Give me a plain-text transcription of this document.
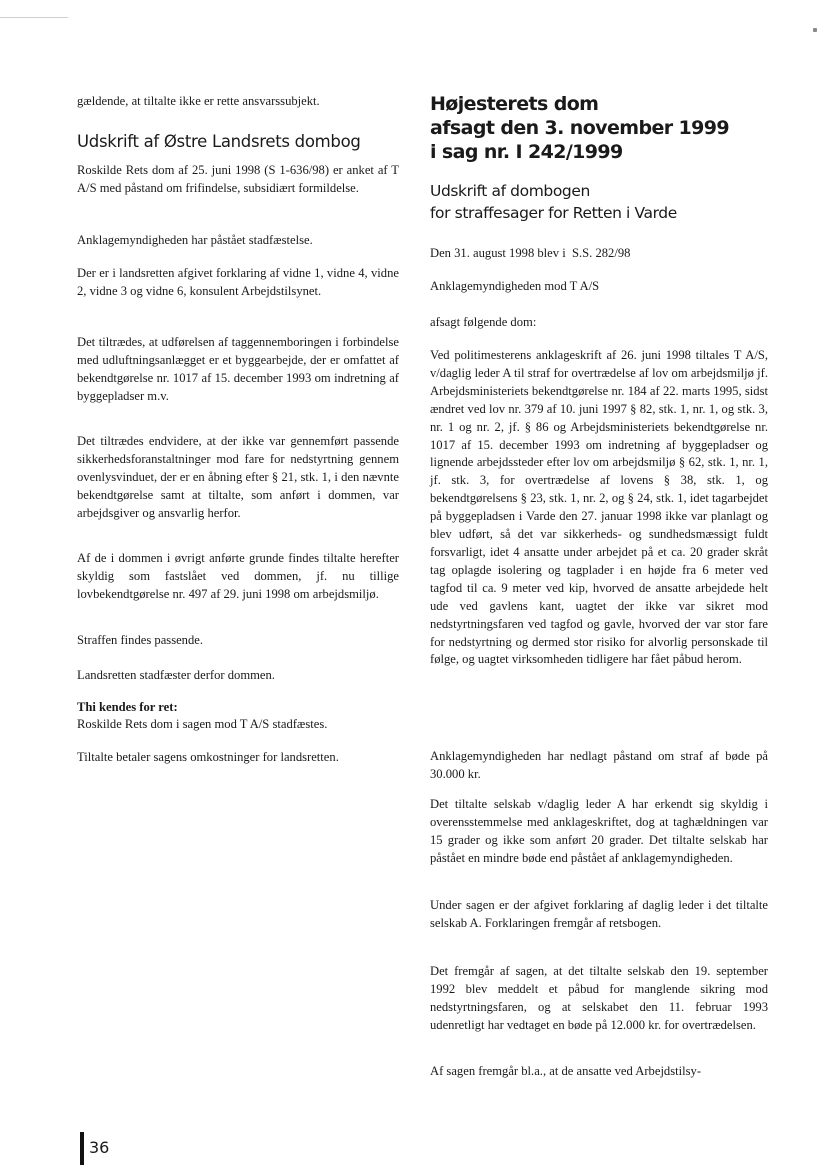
gældende, at tiltalte ikke er rette ansvarssubjekt.

Udskrift af Østre Landsrets dombog

Roskilde Rets dom af 25. juni 1998 (S 1-636/98) er anket af T A/S med påstand om frifindelse, subsidiært formildelse.

Anklagemyndigheden har påstået stadfæstelse.

Der er i landsretten afgivet forklaring af vidne 1, vidne 4, vidne 2, vidne 3 og vidne 6, konsulent Arbejdstilsynet.

Det tiltrædes, at udførelsen af taggennemboringen i forbindelse med udluftningsanlægget er et byggearbejde, der er omfattet af bekendtgørelse nr. 1017 af 15. december 1993 om indretning af byggepladser m.v.

Det tiltrædes endvidere, at der ikke var gennemført passende sikkerhedsforanstaltninger mod fare for nedstyrtning gennem ovenlysvinduet, der er en åbning efter § 21, stk. 1, i den nævnte bekendtgørelse samt at tiltalte, som anført i dommen, var arbejdsgiver og ansvarlig herfor.

Af de i dommen i øvrigt anførte grunde findes tiltalte herefter skyldig som fastslået ved dommen, jf. nu tillige lovbekendtgørelse nr. 497 af 29. juni 1998 om arbejdsmiljø.

Straffen findes passende.

Landsretten stadfæster derfor dommen.

Thi kendes for ret:

Roskilde Rets dom i sagen mod T A/S stadfæstes.

Tiltalte betaler sagens omkostninger for landsretten.

Højesterets dom
afsagt den 3. november 1999
i sag nr. I 242/1999
Udskrift af dombogen
for straffesager for Retten i Varde

Den 31. august 1998 blev i  S.S. 282/98

Anklagemyndigheden mod T A/S

afsagt følgende dom:

Ved politimesterens anklageskrift af 26. juni 1998 tiltales T A/S, v/daglig leder A til straf for overtrædelse af lov om arbejdsmiljø jf. Arbejdsministeriets bekendtgørelse nr. 184 af 22. marts 1995, sidst ændret ved lov nr. 379 af 10. juni 1997 § 82, stk. 1, nr. 1, og stk. 3, nr. 1 og nr. 2, jf. § 86 og Arbejdsministeriets bekendtgørelse nr. 1017 af 15. december 1993 om indretning af byggepladser og lignende arbejdssteder efter lov om arbejdsmiljø § 62, stk. 1, nr. 1, jf. stk. 3, for overtrædelse af lovens § 38, stk. 1, og bekendtgørelsens § 23, stk. 1, nr. 2, og § 24, stk. 1, idet tagarbejdet på byggepladsen i Varde den 27. januar 1998 ikke var planlagt og blev udført, så det var sikkerheds- og sundhedsmæssigt fuldt forsvarligt, idet 4 ansatte under arbejdet på et ca. 20 grader skråt tag oplagde isolering og tagplader i en højde fra 6 meter ved tagfod til ca. 9 meter ved kip, hvorved de ansatte arbejdede helt ude ved gavlens kant, uagtet der ikke var sikret mod nedstyrtningsfaren ved tagfod og gavle, hvorved der var stor fare for nedstyrtning og dermed stor risiko for alvorlig personskade til følge, og uagtet virksomheden tidligere har fået påbud herom.

Anklagemyndigheden har nedlagt påstand om straf af bøde på 30.000 kr.

Det tiltalte selskab v/daglig leder A har erkendt sig skyldig i overensstemmelse med anklageskriftet, dog at taghældningen var 15 grader og ikke som anført 20 grader. Det tiltalte selskab har påstået en mindre bøde end påstået af anklagemyndigheden.

Under sagen er der afgivet forklaring af daglig leder i det tiltalte selskab A. Forklaringen fremgår af retsbogen.

Det fremgår af sagen, at det tiltalte selskab den 19. september 1992 blev meddelt et påbud for manglende sikring mod nedstyrtningsfaren, og at selskabet den 11. februar 1993 udenretligt har vedtaget en bøde på 12.000 kr. for overtrædelsen.

Af sagen fremgår bl.a., at de ansatte ved Arbejdstilsy-

36
